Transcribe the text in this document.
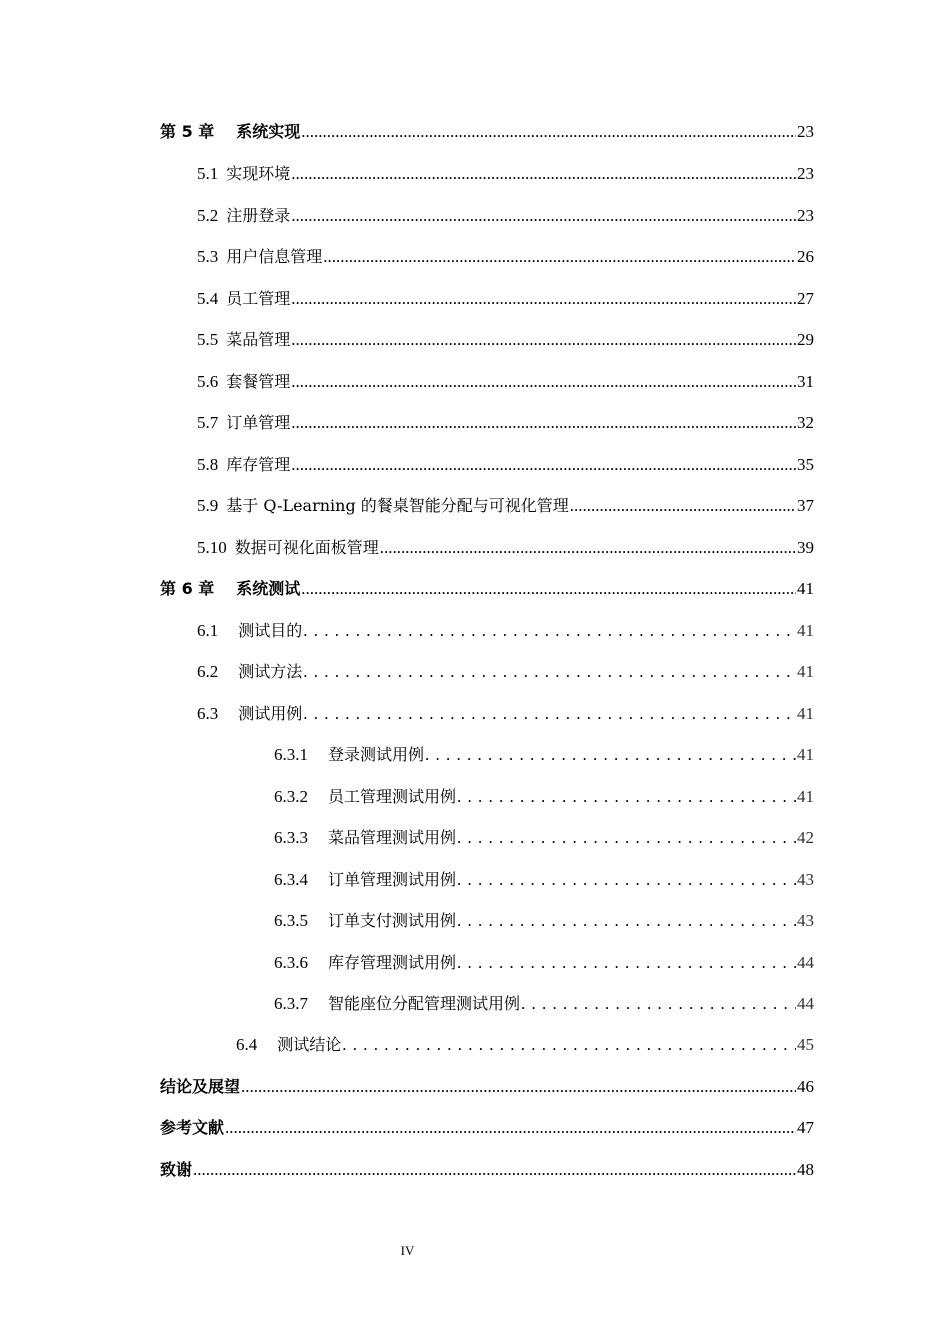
第 5 章 系统实现 .....	23
5.1 实现环境 .....	23
5.2 注册登录 .....	23
5.3 用户信息管理 .....	26
5.4 员工管理 .....	27
5.5 菜品管理 .....	29
5.6 套餐管理 .....	31
5.7 订单管理 .....	32
5.8 库存管理 .....	35
5.9 基于 Q-Learning 的餐桌智能分配与可视化管理 .....	37
5.10 数据可视化面板管理 .....	39
第 6 章 系统测试 .....	41
6.1 测试目的 . . .	41
6.2 测试方法 . . .	41
6.3 测试用例 . . .	41
6.3.1 登录测试用例 . . .	41
6.3.2 员工管理测试用例 . . .	41
6.3.3 菜品管理测试用例 . . .	42
6.3.4 订单管理测试用例 . . .	43
6.3.5 订单支付测试用例 . . .	43
6.3.6 库存管理测试用例 . . .	44
6.3.7 智能座位分配管理测试用例 . . .	44
6.4 测试结论 . . .	45
结论及展望 .....	46
参考文献 .....	47
致谢 .....	48
IV
